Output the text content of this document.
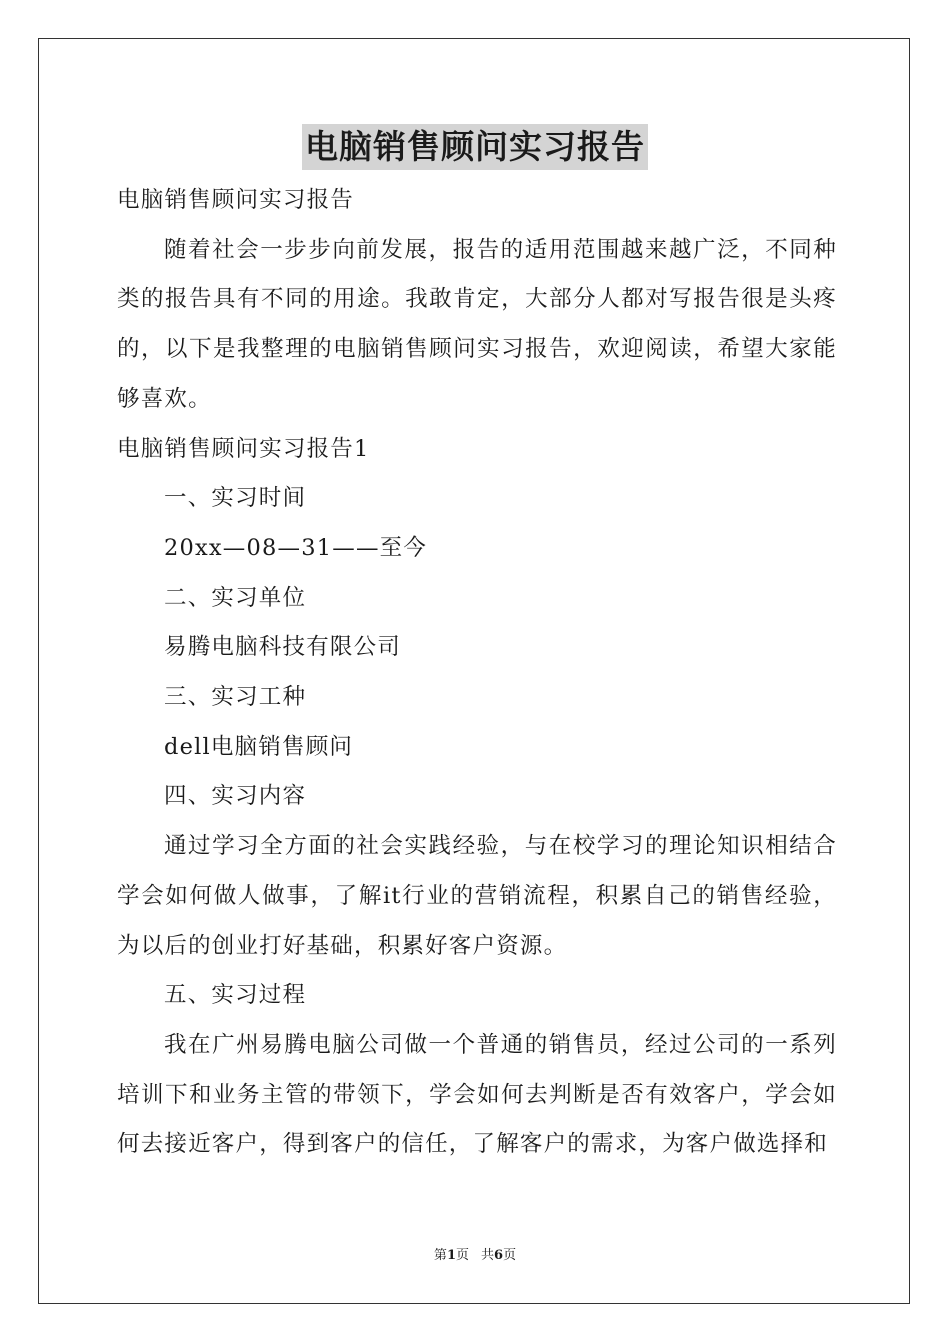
电脑销售顾问实习报告

电脑销售顾问实习报告

随着社会一步步向前发展，报告的适用范围越来越广泛，不同种类的报告具有不同的用途。我敢肯定，大部分人都对写报告很是头疼的，以下是我整理的电脑销售顾问实习报告，欢迎阅读，希望大家能够喜欢。

电脑销售顾问实习报告1

一、实习时间

20xx—08—31——至今

二、实习单位

易腾电脑科技有限公司

三、实习工种

dell电脑销售顾问

四、实习内容

通过学习全方面的社会实践经验，与在校学习的理论知识相结合学会如何做人做事，了解it行业的营销流程，积累自己的销售经验，为以后的创业打好基础，积累好客户资源。

五、实习过程

我在广州易腾电脑公司做一个普通的销售员，经过公司的一系列培训下和业务主管的带领下，学会如何去判断是否有效客户，学会如何去接近客户，得到客户的信任，了解客户的需求，为客户做选择和

第1页 共6页
